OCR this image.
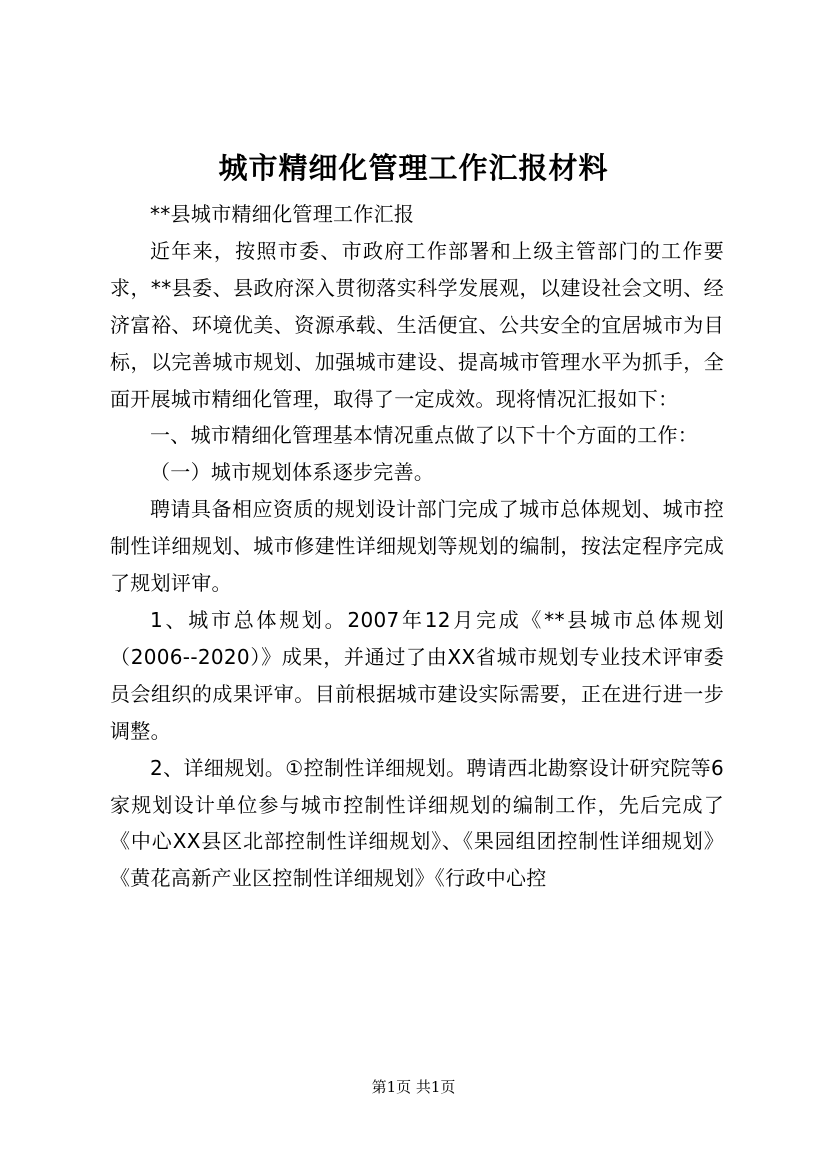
城市精细化管理工作汇报材料

**县城市精细化管理工作汇报

近年来，按照市委、市政府工作部署和上级主管部门的工作要求，**县委、县政府深入贯彻落实科学发展观，以建设社会文明、经济富裕、环境优美、资源承载、生活便宜、公共安全的宜居城市为目标，以完善城市规划、加强城市建设、提高城市管理水平为抓手，全面开展城市精细化管理，取得了一定成效。现将情况汇报如下：

一、城市精细化管理基本情况重点做了以下十个方面的工作：

（一）城市规划体系逐步完善。

聘请具备相应资质的规划设计部门完成了城市总体规划、城市控制性详细规划、城市修建性详细规划等规划的编制，按法定程序完成了规划评审。

1、城市总体规划。2007年12月完成《**县城市总体规划（2006--2020）》成果，并通过了由XX省城市规划专业技术评审委员会组织的成果评审。目前根据城市建设实际需要，正在进行进一步调整。

2、详细规划。①控制性详细规划。聘请西北勘察设计研究院等6家规划设计单位参与城市控制性详细规划的编制工作，先后完成了《中心XX县区北部控制性详细规划》、《果园组团控制性详细规划》《黄花高新产业区控制性详细规划》《行政中心控

第1页 共1页
